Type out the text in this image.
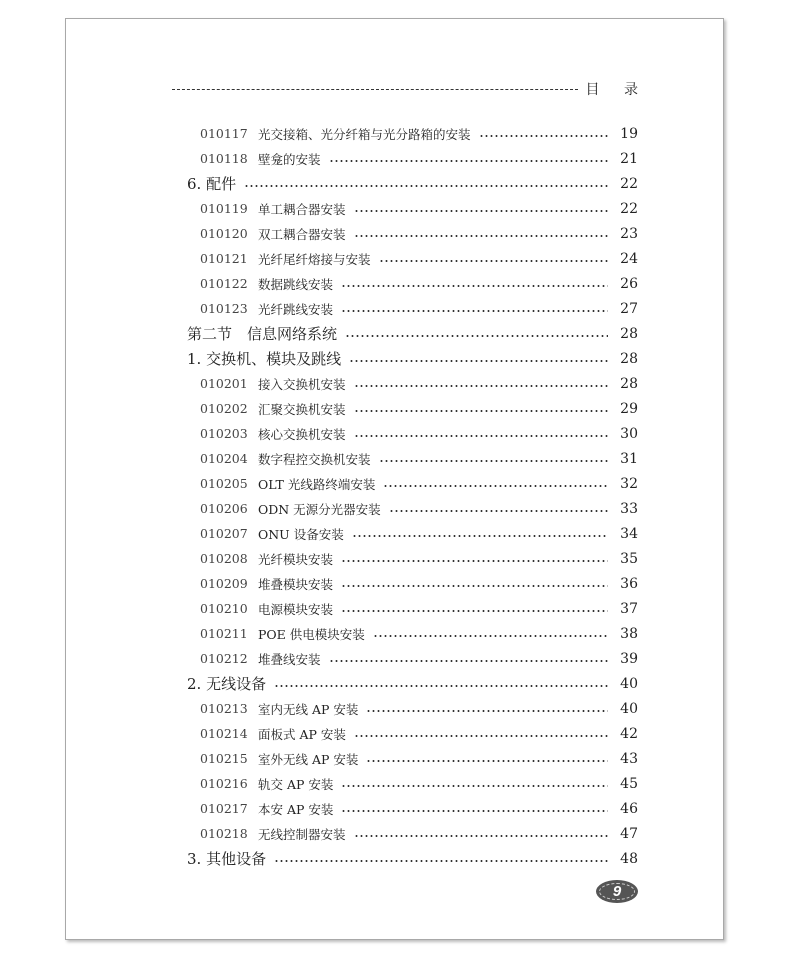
目 录
010117 光交接箱、光分纤箱与光分路箱的安装	19
010118 壁龛的安装	21
6. 配件	22
010119 单工耦合器安装	22
010120 双工耦合器安装	23
010121 光纤尾纤熔接与安装	24
010122 数据跳线安装	26
010123 光纤跳线安装	27
第二节　信息网络系统	28
1. 交换机、模块及跳线	28
010201 接入交换机安装	28
010202 汇聚交换机安装	29
010203 核心交换机安装	30
010204 数字程控交换机安装	31
010205 OLT 光线路终端安装	32
010206 ODN 无源分光器安装	33
010207 ONU 设备安装	34
010208 光纤模块安装	35
010209 堆叠模块安装	36
010210 电源模块安装	37
010211 POE 供电模块安装	38
010212 堆叠线安装	39
2. 无线设备	40
010213 室内无线 AP 安装	40
010214 面板式 AP 安装	42
010215 室外无线 AP 安装	43
010216 轨交 AP 安装	45
010217 本安 AP 安装	46
010218 无线控制器安装	47
3. 其他设备	48
9
